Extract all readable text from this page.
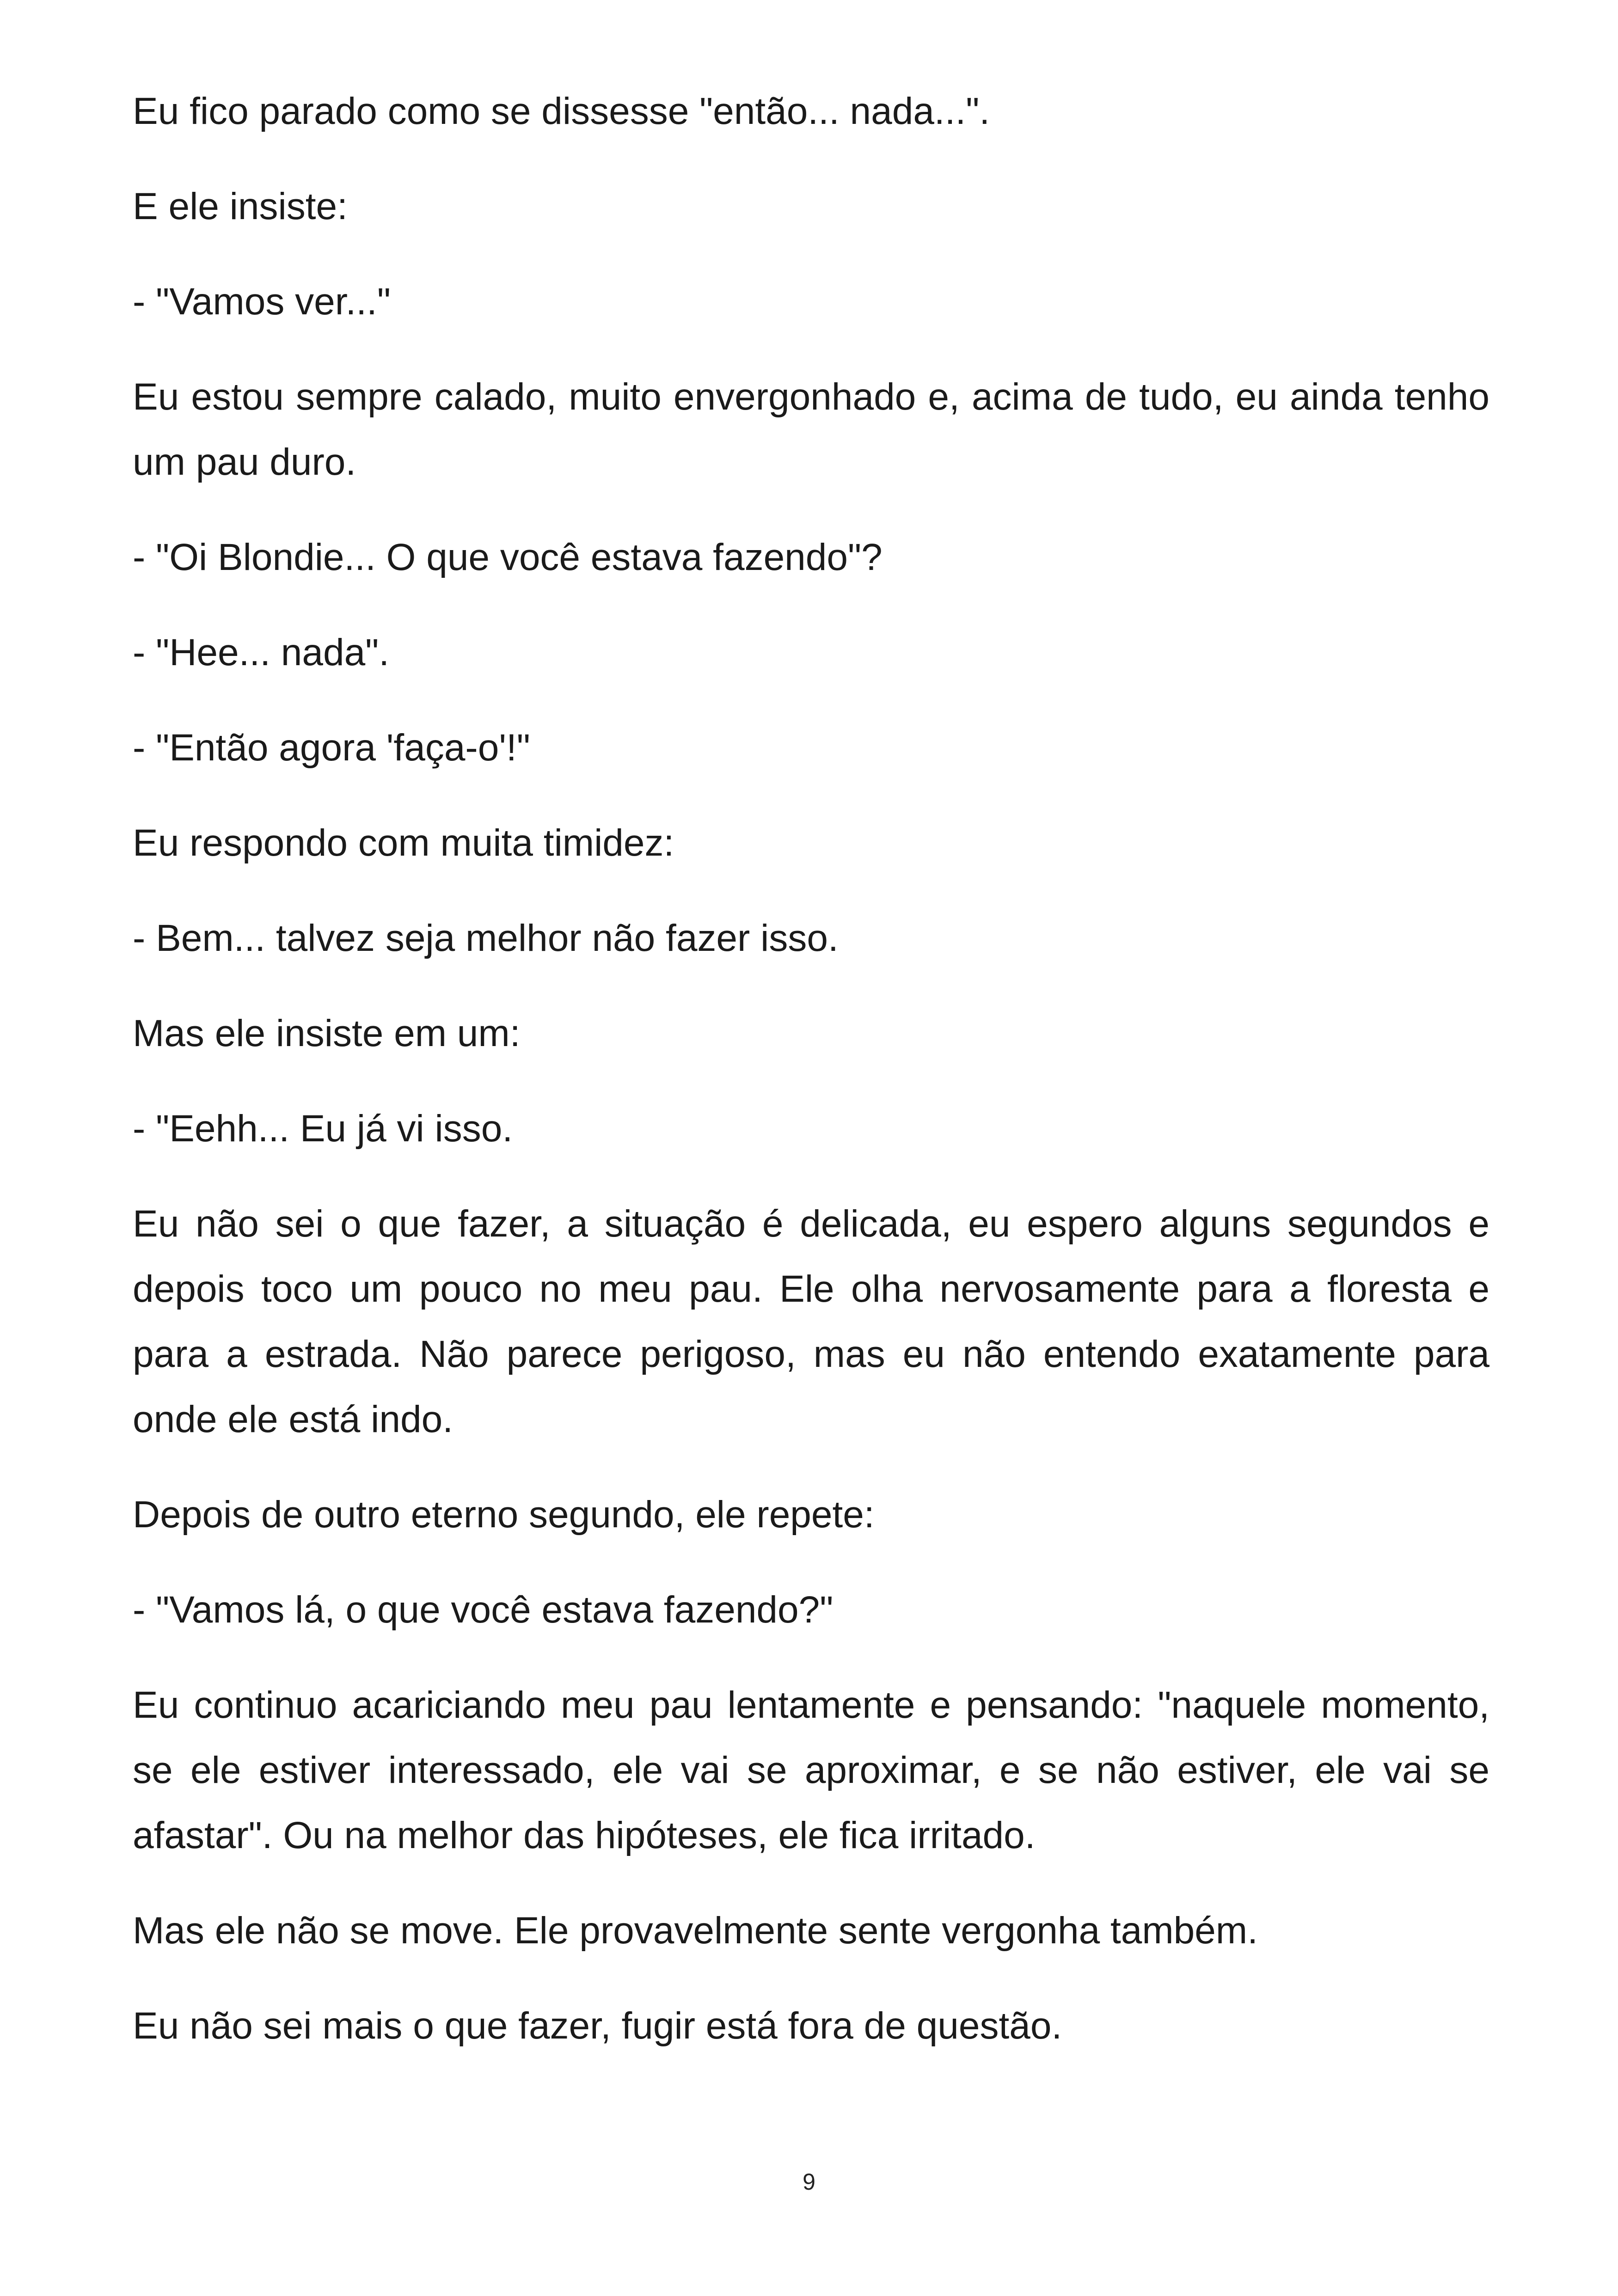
Eu fico parado como se dissesse "então... nada...".

E ele insiste:

- "Vamos ver..."

Eu estou sempre calado, muito envergonhado e, acima de tudo, eu ainda tenho um pau duro.

- "Oi Blondie... O que você estava fazendo"?

- "Hee... nada".

- "Então agora 'faça-o'!"

Eu respondo com muita timidez:

- Bem... talvez seja melhor não fazer isso.

Mas ele insiste em um:

- "Eehh... Eu já vi isso.

Eu não sei o que fazer, a situação é delicada, eu espero alguns segundos e depois toco um pouco no meu pau. Ele olha nervosamente para a floresta e para a estrada. Não parece perigoso, mas eu não entendo exatamente para onde ele está indo.

Depois de outro eterno segundo, ele repete:

- "Vamos lá, o que você estava fazendo?"

Eu continuo acariciando meu pau lentamente e pensando: "naquele momento, se ele estiver interessado, ele vai se aproximar, e se não estiver, ele vai se afastar". Ou na melhor das hipóteses, ele fica irritado.

Mas ele não se move. Ele provavelmente sente vergonha também.

Eu não sei mais o que fazer, fugir está fora de questão.

9
